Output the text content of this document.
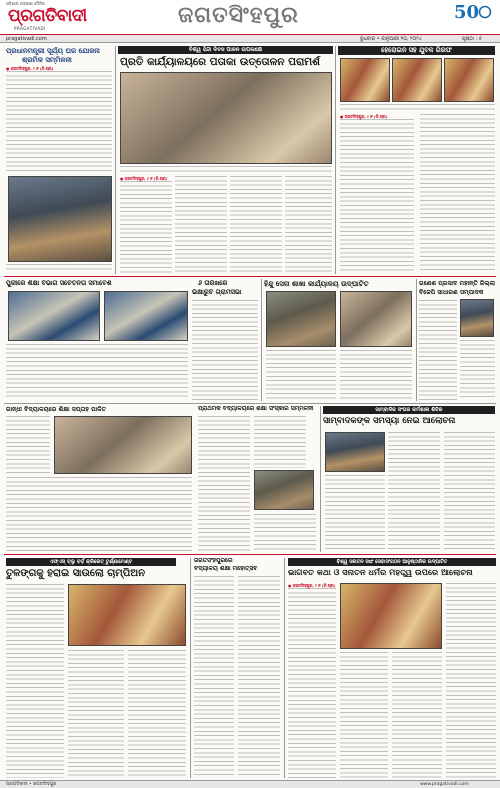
ଓଡ଼ିଶାର ଅଗ୍ରଣୀ ଦୈନିକ
ପ୍ରଗତିବାଦୀ
PRAGATIVADI
ଜଗତସିଂହପୁର	50
pragativadi.com	ବୁଧବାର • ଜାନୁଆରୀ ୧୦, ୨୦୨୪	ପୃଷ୍ଠା : ୫
ପ୍ରଧାନମନ୍ତ୍ରୀ ସୂର୍ଯ୍ୟ ଘର ଯୋଜନା
ଶ୍ରମିକ ସମ୍ମିଳନୀ
● ଜଗତସିଂହପୁର, ୯।୧ (ନି.ପ୍ର)
ବିଶ୍ୱ ହିନ୍ଦୀ ଦିବସ ପାଳନ ଉପଲକ୍ଷେ
ପ୍ରତି କାର୍ଯ୍ୟାଳୟରେ ପତାକା ଉତ୍ତୋଳନ ପରାମର୍ଶ
● ଜଗତସିଂହପୁର, ୯।୧ (ନି.ପ୍ର)
ହେରୋଇନ ସହ ଯୁବକ ଗିରଫ
● ଜଗତସିଂହପୁର, ୯।୧ (ନି.ପ୍ର)
ପୁରୀରେ ଶିକ୍ଷା ବିଭାଗ ସଚେତନତା ସମାବେଶ	୬ ତାରିଖରେ
ଭିକ୍ଷାରୁଚି ଗ୍ରାମସଭା
ହିନ୍ଦୁ ସେନା ଶାଖା କାର୍ଯ୍ୟାଳୟ ଉଦ୍‌ଘାଟିତ	ଗଣେଶ ପ୍ରସାଦ ମହାନ୍ତି ଜିଲ୍ଲା
ବିଜେପି ସାଧାରଣ ସମ୍ପାଦକ
ଗାନ୍ଧୀ ବିଦ୍ୟାଳୟରେ ଶିକ୍ଷା ସପ୍ତାହ ପାଳିତ	ପ୍ରାଥମିକ ବିଦ୍ୟାଳୟରେ ଶିକ୍ଷା ସଂସ୍କାର ସମ୍ମିଳନୀ	ସାମ୍ବାଦିକ ସଂଘର କର୍ମଶାଳା ଶିବିର
ସାମ୍ବାଦିକଙ୍କ ସମସ୍ୟା ନେଇ ଆଲୋଚନା
ଏଫ୍‌ଏସ୍ ବ୍ଲୁ ବର୍ଡ଼ କ୍ରିକେଟ୍ ଟୁର୍ଣ୍ଣାମେଣ୍ଟ
ତୁଳଙ୍ଗକୁ ହରାଇ ସାଉଲୋ ଚାମ୍ପିଅନ
ଜଗତସିଂହପୁରରେ
ବିଦ୍ୟାଳୟ ଶିକ୍ଷା ମହୋତ୍ସବ
ବିଶ୍ୱ ସନାତନ ସଙ୍ଘ ସେବାସଂଗଠନ ଆନୁଷ୍ଠାନିକ ଉଦ୍‌ଘାଟିତ
ଭାଗବତ କଥା ଓ ସନାତନ ଧର୍ମର ମହତ୍ତ୍ୱ ଉପରେ ଆଲୋଚନା
● ଜଗତସିଂହପୁର, ୯।୧ (ନି.ପ୍ର)
ପ୍ରଗତିବାଦୀ • ଜଗତସିଂହପୁର	www.pragativadi.com
